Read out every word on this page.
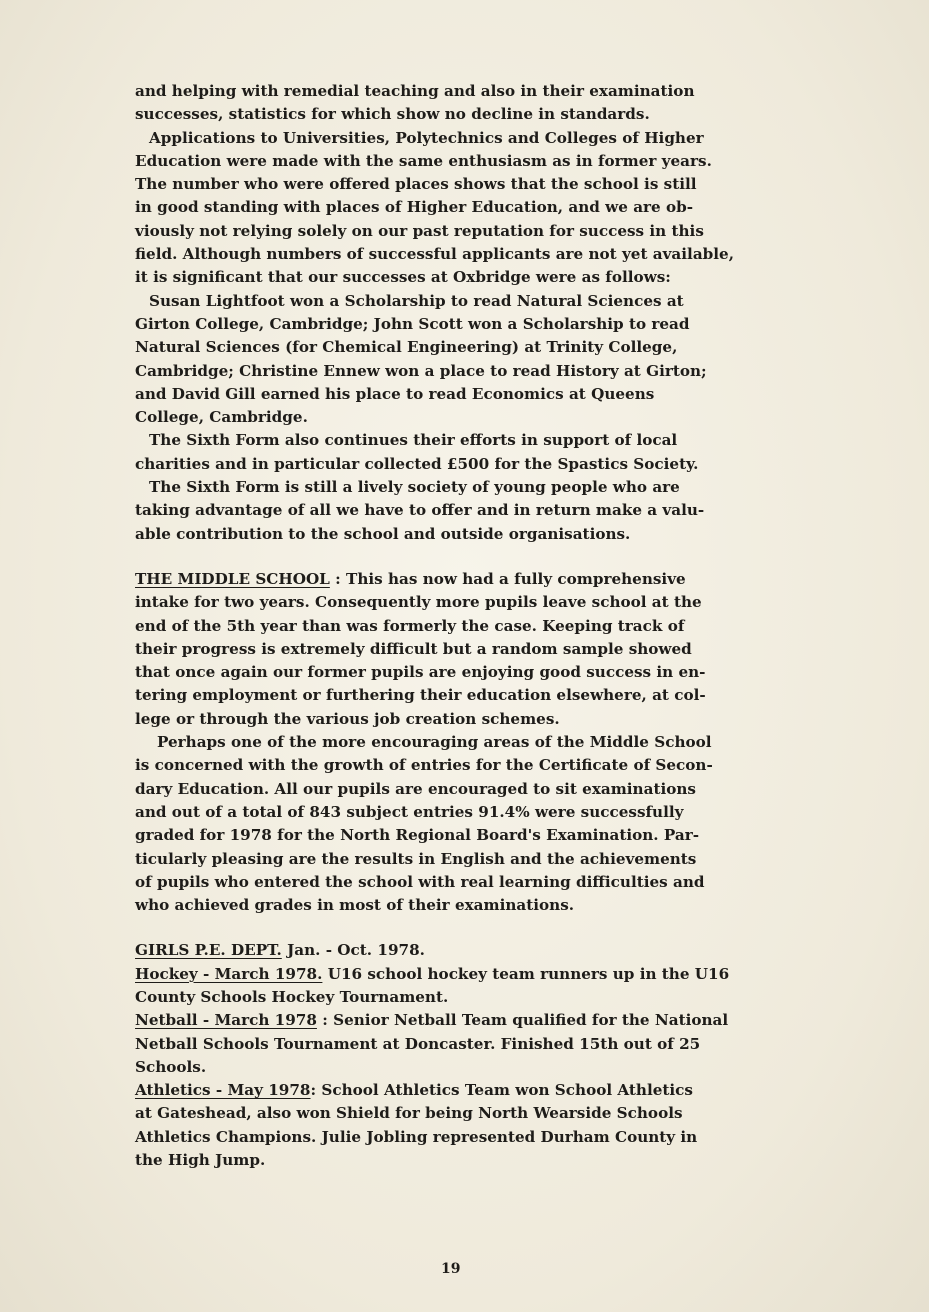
and helping with remedial teaching and also in their examination
successes, statistics for which show no decline in standards.
Applications to Universities, Polytechnics and Colleges of Higher
Education were made with the same enthusiasm as in former years.
The number who were offered places shows that the school is still
in good standing with places of Higher Education, and we are ob-
viously not relying solely on our past reputation for success in this
field. Although numbers of successful applicants are not yet available,
it is significant that our successes at Oxbridge were as follows:
Susan Lightfoot won a Scholarship to read Natural Sciences at
Girton College, Cambridge; John Scott won a Scholarship to read
Natural Sciences (for Chemical Engineering) at Trinity College,
Cambridge; Christine Ennew won a place to read History at Girton;
and David Gill earned his place to read Economics at Queens
College, Cambridge.
The Sixth Form also continues their efforts in support of local
charities and in particular collected £500 for the Spastics Society.
The Sixth Form is still a lively society of young people who are
taking advantage of all we have to offer and in return make a valu-
able contribution to the school and outside organisations.
THE MIDDLE SCHOOL : This has now had a fully comprehensive
intake for two years. Consequently more pupils leave school at the
end of the 5th year than was formerly the case. Keeping track of
their progress is extremely difficult but a random sample showed
that once again our former pupils are enjoying good success in en-
tering employment or furthering their education elsewhere, at col-
lege or through the various job creation schemes.
Perhaps one of the more encouraging areas of the Middle School
is concerned with the growth of entries for the Certificate of Secon-
dary Education. All our pupils are encouraged to sit examinations
and out of a total of 843 subject entries 91.4% were successfully
graded for 1978 for the North Regional Board's Examination. Par-
ticularly pleasing are the results in English and the achievements
of pupils who entered the school with real learning difficulties and
who achieved grades in most of their examinations.
GIRLS P.E. DEPT. Jan. - Oct. 1978.
Hockey - March 1978. U16 school hockey team runners up in the U16
County Schools Hockey Tournament.
Netball - March 1978 : Senior Netball Team qualified for the National
Netball Schools Tournament at Doncaster. Finished 15th out of 25
Schools.
Athletics - May 1978: School Athletics Team won School Athletics
at Gateshead, also won Shield for being North Wearside Schools
Athletics Champions. Julie Jobling represented Durham County in
the High Jump.
19
